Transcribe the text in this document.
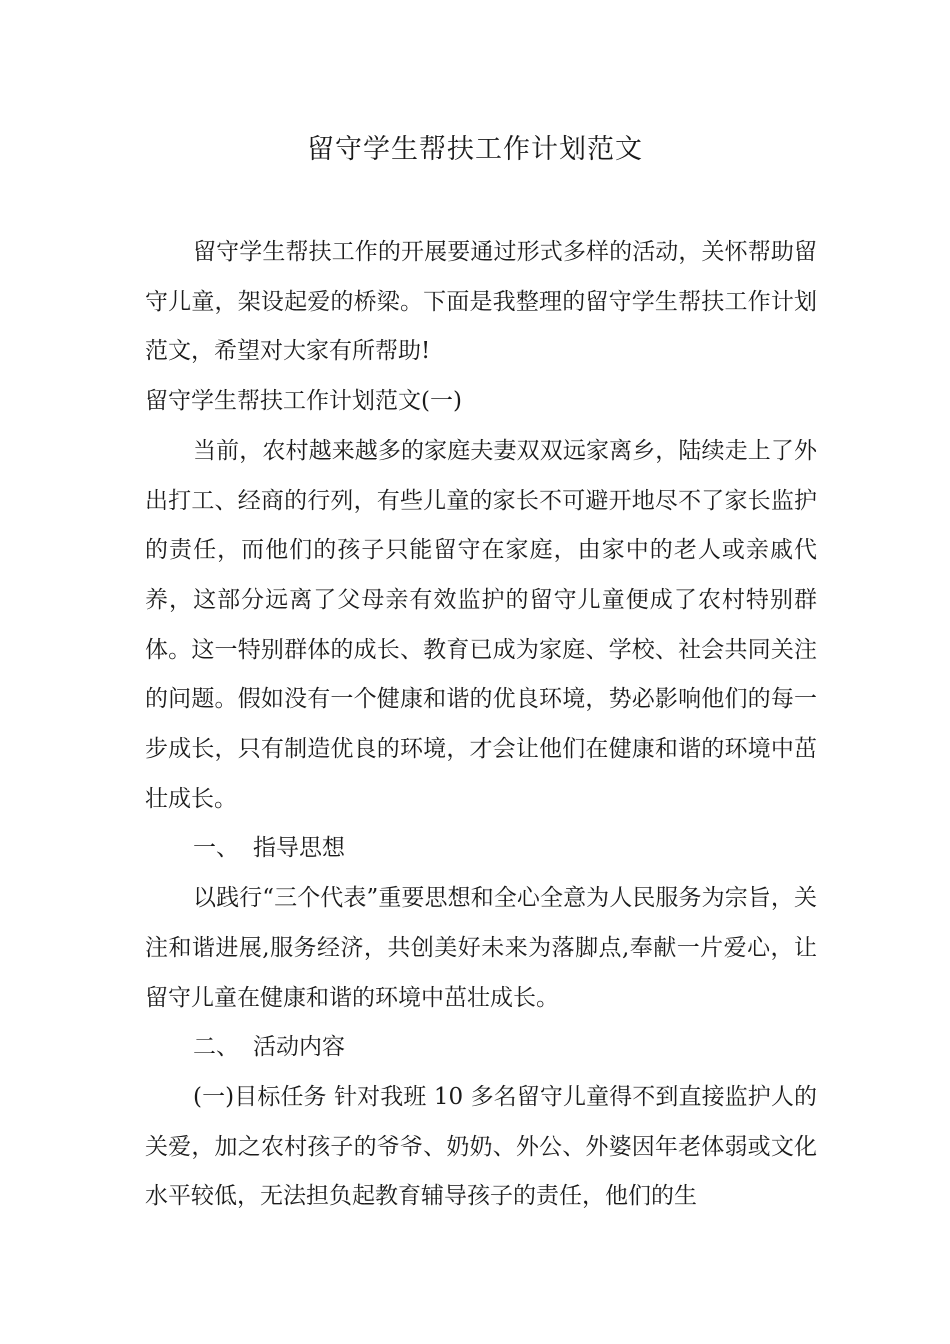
留守学生帮扶工作计划范文

留守学生帮扶工作的开展要通过形式多样的活动，关怀帮助留守儿童，架设起爱的桥梁。下面是我整理的留守学生帮扶工作计划范文，希望对大家有所帮助!

留守学生帮扶工作计划范文(一)

当前，农村越来越多的家庭夫妻双双远家离乡，陆续走上了外出打工、经商的行列，有些儿童的家长不可避开地尽不了家长监护的责任，而他们的孩子只能留守在家庭，由家中的老人或亲戚代养，这部分远离了父母亲有效监护的留守儿童便成了农村特别群体。这一特别群体的成长、教育已成为家庭、学校、社会共同关注的问题。假如没有一个健康和谐的优良环境，势必影响他们的每一步成长，只有制造优良的环境，才会让他们在健康和谐的环境中茁壮成长。

一、 指导思想

以践行“三个代表”重要思想和全心全意为人民服务为宗旨，关注和谐进展,服务经济，共创美好未来为落脚点,奉献一片爱心，让留守儿童在健康和谐的环境中茁壮成长。

二、 活动内容

(一)目标任务 针对我班 10 多名留守儿童得不到直接监护人的关爱，加之农村孩子的爷爷、奶奶、外公、外婆因年老体弱或文化水平较低，无法担负起教育辅导孩子的责任，他们的生
